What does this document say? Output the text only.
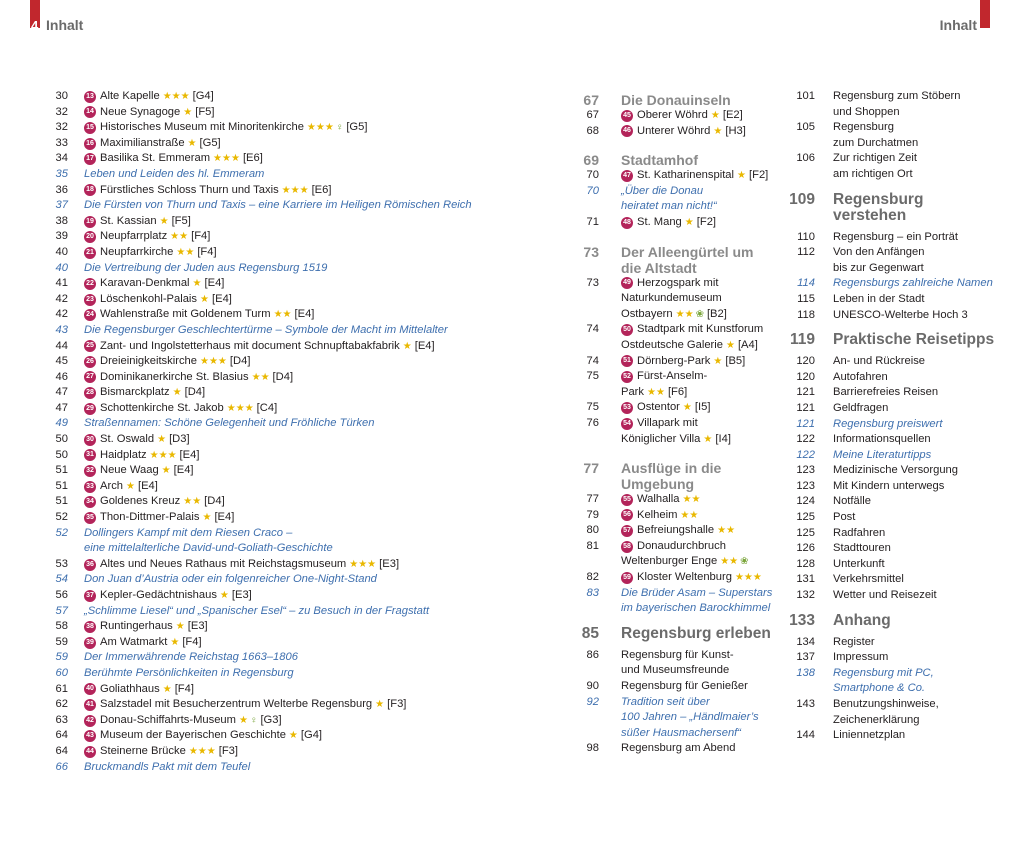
4 Inhalt	Inhalt
30	13 Alte Kapelle ★★★ [G4]
32	14 Neue Synagoge ★ [F5]
32	15 Historisches Museum mit Minoritenkirche ★★★ ♀ [G5]
33	16 Maximilianstraße ★ [G5]
34	17 Basilika St. Emmeram ★★★ [E6]
35 Leben und Leiden des hl. Emmeram
36	18 Fürstliches Schloss Thurn und Taxis ★★★ [E6]
37 Die Fürsten von Thurn und Taxis – eine Karriere im Heiligen Römischen Reich
38	19 St. Kassian ★ [F5]
39	20 Neupfarrplatz ★★ [F4]
40	21 Neupfarrkirche ★★ [F4]
40 Die Vertreibung der Juden aus Regensburg 1519
41	22 Karavan-Denkmal ★ [E4]
42	23 Löschenkohl-Palais ★ [E4]
42	24 Wahlenstraße mit Goldenem Turm ★★ [E4]
43 Die Regensburger Geschlechtertürme – Symbole der Macht im Mittelalter
44	25 Zant- und Ingolstetterhaus mit document Schnupftabakfabrik ★ [E4]
45	26 Dreieinigkeitskirche ★★★ [D4]
46	27 Dominikanerkirche St. Blasius ★★ [D4]
47	28 Bismarckplatz ★ [D4]
47	29 Schottenkirche St. Jakob ★★★ [C4]
49 Straßennamen: Schöne Gelegenheit und Fröhliche Türken
50	30 St. Oswald ★ [D3]
50	31 Haidplatz ★★★ [E4]
51	32 Neue Waag ★ [E4]
51	33 Arch ★ [E4]
51	34 Goldenes Kreuz ★★ [D4]
52	35 Thon-Dittmer-Palais ★ [E4]
52 Dollingers Kampf mit dem Riesen Craco –
eine mittelalterliche David-und-Goliath-Geschichte
53	36 Altes und Neues Rathaus mit Reichstagsmuseum ★★★ [E3]
54 Don Juan d’Austria oder ein folgenreicher One-Night-Stand
56	37 Kepler-Gedächtnishaus ★ [E3]
57 „Schlimme Liesel“ und „Spanischer Esel“ – zu Besuch in der Fragstatt
58	38 Runtingerhaus ★ [E3]
59	39 Am Watmarkt ★ [F4]
59 Der Immerwährende Reichstag 1663–1806
60 Berühmte Persönlichkeiten in Regensburg
61	40 Goliathhaus ★ [F4]
62	41 Salzstadel mit Besucherzentrum Welterbe Regensburg ★ [F3]
63	42 Donau-Schiffahrts-Museum ★ ♀ [G3]
64	43 Museum der Bayerischen Geschichte ★ [G4]
64	44 Steinerne Brücke ★★★ [F3]
66 Bruckmandls Pakt mit dem Teufel
67	Die Donauinseln
67	45 Oberer Wöhrd ★ [E2]
68	46 Unterer Wöhrd ★ [H3]
69	Stadtamhof
70	47 St. Katharinenspital ★ [F2]
70 „Über die Donau
heiratet man nicht!“
71	48 St. Mang ★ [F2]
73	Der Alleengürtel um die Altstadt
73	49 Herzogspark mit
Naturkundemuseum
Ostbayern ★★ ❀ [B2]
74	50 Stadtpark mit Kunstforum
Ostdeutsche Galerie ★ [A4]
74	51 Dörnberg-Park ★ [B5]
75	52 Fürst-Anselm-
Park ★★ [F6]
75	53 Ostentor ★ [I5]
76	54 Villapark mit
Königlicher Villa ★ [I4]
77	Ausflüge in die Umgebung
77	55 Walhalla ★★
79	56 Kelheim ★★
80	57 Befreiungshalle ★★
81	58 Donaudurchbruch
Weltenburger Enge ★★ ❀
82	59 Kloster Weltenburg ★★★
83 Die Brüder Asam – Superstars
im bayerischen Barockhimmel
85	Regensburg erleben
86 Regensburg für Kunst-
und Museumsfreunde
90 Regensburg für Genießer
92 Tradition seit über
100 Jahren – „Händlmaier’s
süßer Hausmachersenf“
98 Regensburg am Abend
101 Regensburg zum Stöbern
und Shoppen
105 Regensburg
zum Durchatmen
106 Zur richtigen Zeit
am richtigen Ort
109	Regensburg verstehen
110 Regensburg – ein Porträt
112 Von den Anfängen
bis zur Gegenwart
114 Regensburgs zahlreiche Namen
115 Leben in der Stadt
118 UNESCO-Welterbe Hoch 3
119	Praktische Reisetipps
120 An- und Rückreise
120 Autofahren
121 Barrierefreies Reisen
121 Geldfragen
121 Regensburg preiswert
122 Informationsquellen
122 Meine Literaturtipps
123 Medizinische Versorgung
123 Mit Kindern unterwegs
124 Notfälle
125 Post
125 Radfahren
126 Stadttouren
128 Unterkunft
131 Verkehrsmittel
132 Wetter und Reisezeit
133	Anhang
134 Register
137 Impressum
138 Regensburg mit PC,
Smartphone & Co.
143 Benutzungshinweise,
Zeichenerklärung
144 Liniennetzplan
